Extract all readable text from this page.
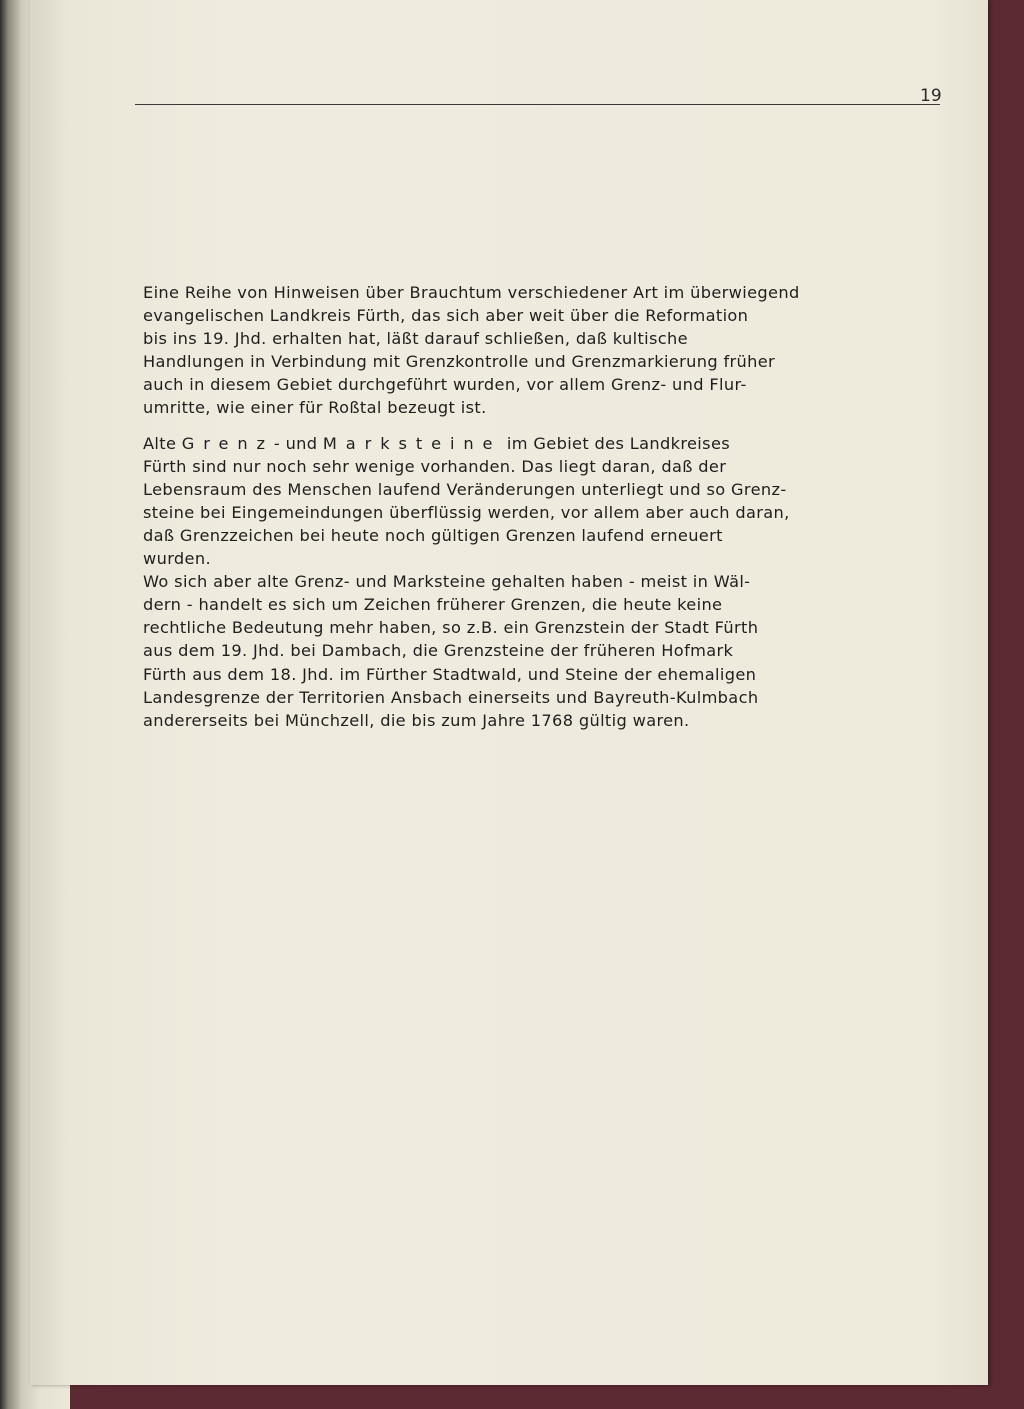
19

Eine Reihe von Hinweisen über Brauchtum verschiedener Art im überwiegend
evangelischen Landkreis Fürth, das sich aber weit über die Reformation
bis ins 19. Jhd. erhalten hat, läßt darauf schließen, daß kultische
Handlungen in Verbindung mit Grenzkontrolle und Grenzmarkierung früher
auch in diesem Gebiet durchgeführt wurden, vor allem Grenz- und Flur-
umritte, wie einer für Roßtal bezeugt ist.

Alte Grenz- und Marksteine im Gebiet des Landkreises
Fürth sind nur noch sehr wenige vorhanden. Das liegt daran, daß der
Lebensraum des Menschen laufend Veränderungen unterliegt und so Grenz-
steine bei Eingemeindungen überflüssig werden, vor allem aber auch daran,
daß Grenzzeichen bei heute noch gültigen Grenzen laufend erneuert
wurden.

Wo sich aber alte Grenz- und Marksteine gehalten haben - meist in Wäl-
dern - handelt es sich um Zeichen früherer Grenzen, die heute keine
rechtliche Bedeutung mehr haben, so z.B. ein Grenzstein der Stadt Fürth
aus dem 19. Jhd. bei Dambach, die Grenzsteine der früheren Hofmark
Fürth aus dem 18. Jhd. im Fürther Stadtwald, und Steine der ehemaligen
Landesgrenze der Territorien Ansbach einerseits und Bayreuth-Kulmbach
andererseits bei Münchzell, die bis zum Jahre 1768 gültig waren.
